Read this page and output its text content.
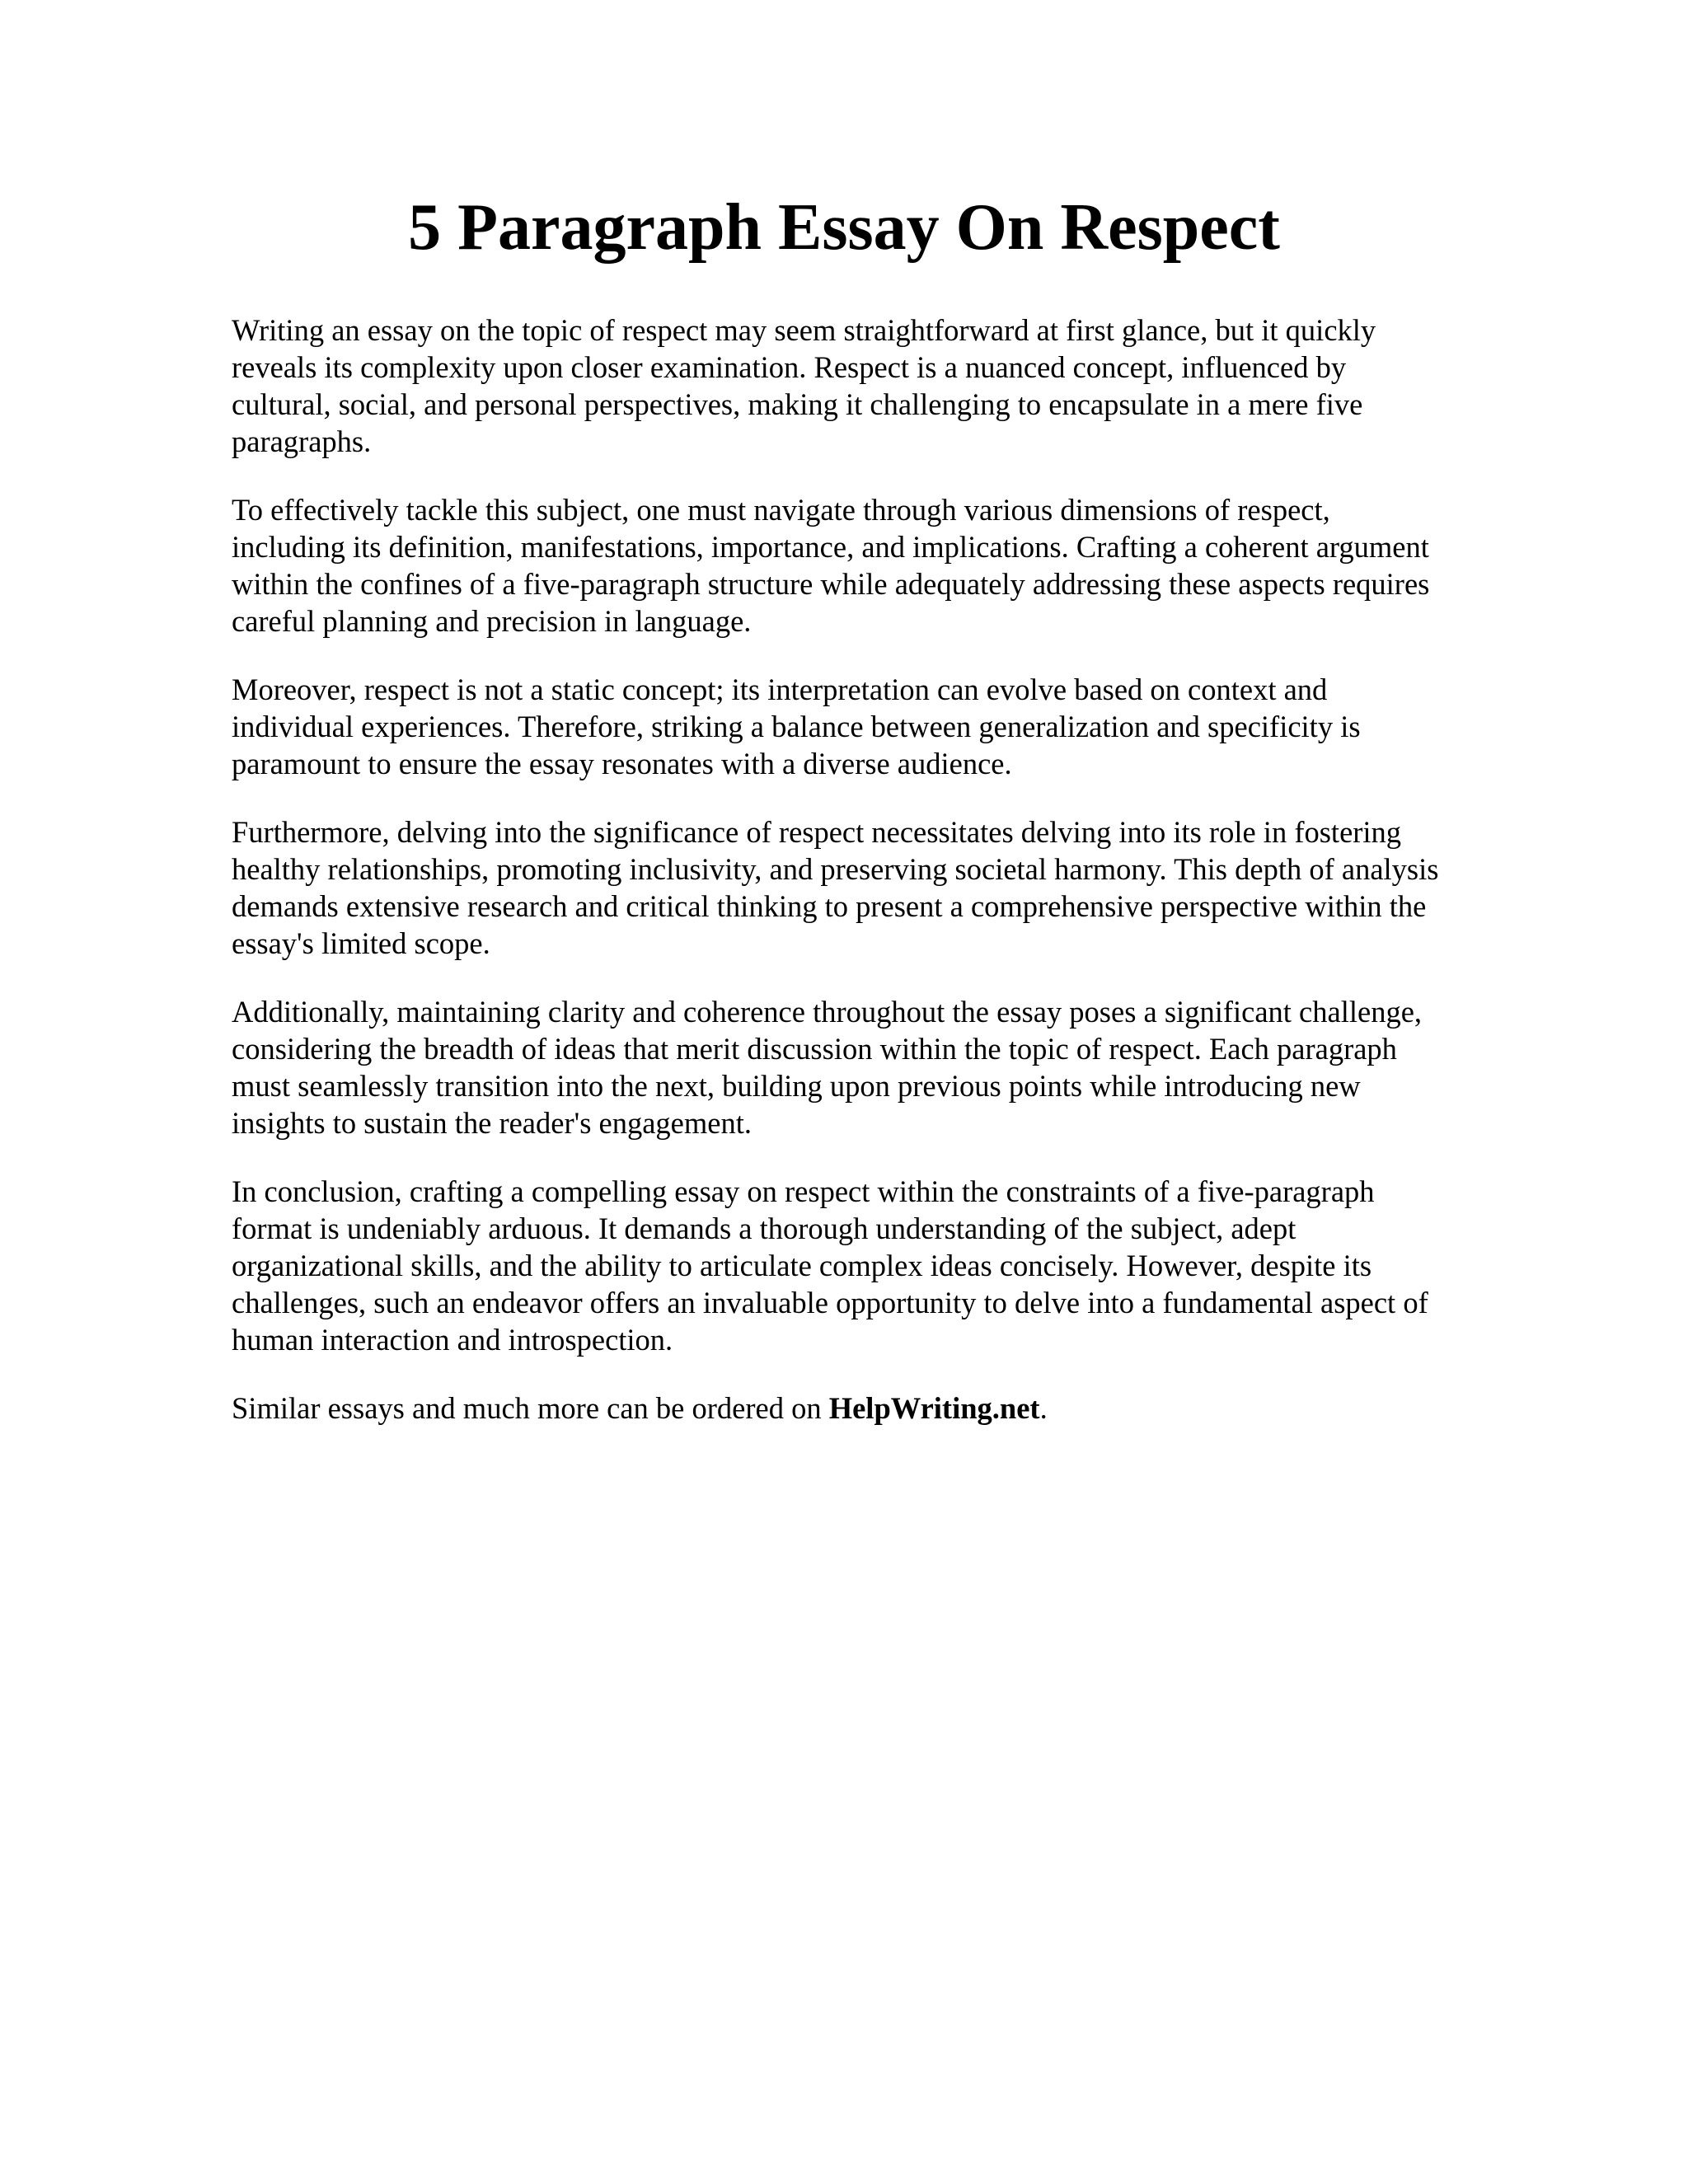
5 Paragraph Essay On Respect

Writing an essay on the topic of respect may seem straightforward at first glance, but it quickly
reveals its complexity upon closer examination. Respect is a nuanced concept, influenced by
cultural, social, and personal perspectives, making it challenging to encapsulate in a mere five
paragraphs.

To effectively tackle this subject, one must navigate through various dimensions of respect,
including its definition, manifestations, importance, and implications. Crafting a coherent argument
within the confines of a five-paragraph structure while adequately addressing these aspects requires
careful planning and precision in language.

Moreover, respect is not a static concept; its interpretation can evolve based on context and
individual experiences. Therefore, striking a balance between generalization and specificity is
paramount to ensure the essay resonates with a diverse audience.

Furthermore, delving into the significance of respect necessitates delving into its role in fostering
healthy relationships, promoting inclusivity, and preserving societal harmony. This depth of analysis
demands extensive research and critical thinking to present a comprehensive perspective within the
essay's limited scope.

Additionally, maintaining clarity and coherence throughout the essay poses a significant challenge,
considering the breadth of ideas that merit discussion within the topic of respect. Each paragraph
must seamlessly transition into the next, building upon previous points while introducing new
insights to sustain the reader's engagement.

In conclusion, crafting a compelling essay on respect within the constraints of a five-paragraph
format is undeniably arduous. It demands a thorough understanding of the subject, adept
organizational skills, and the ability to articulate complex ideas concisely. However, despite its
challenges, such an endeavor offers an invaluable opportunity to delve into a fundamental aspect of
human interaction and introspection.

Similar essays and much more can be ordered on HelpWriting.net.
